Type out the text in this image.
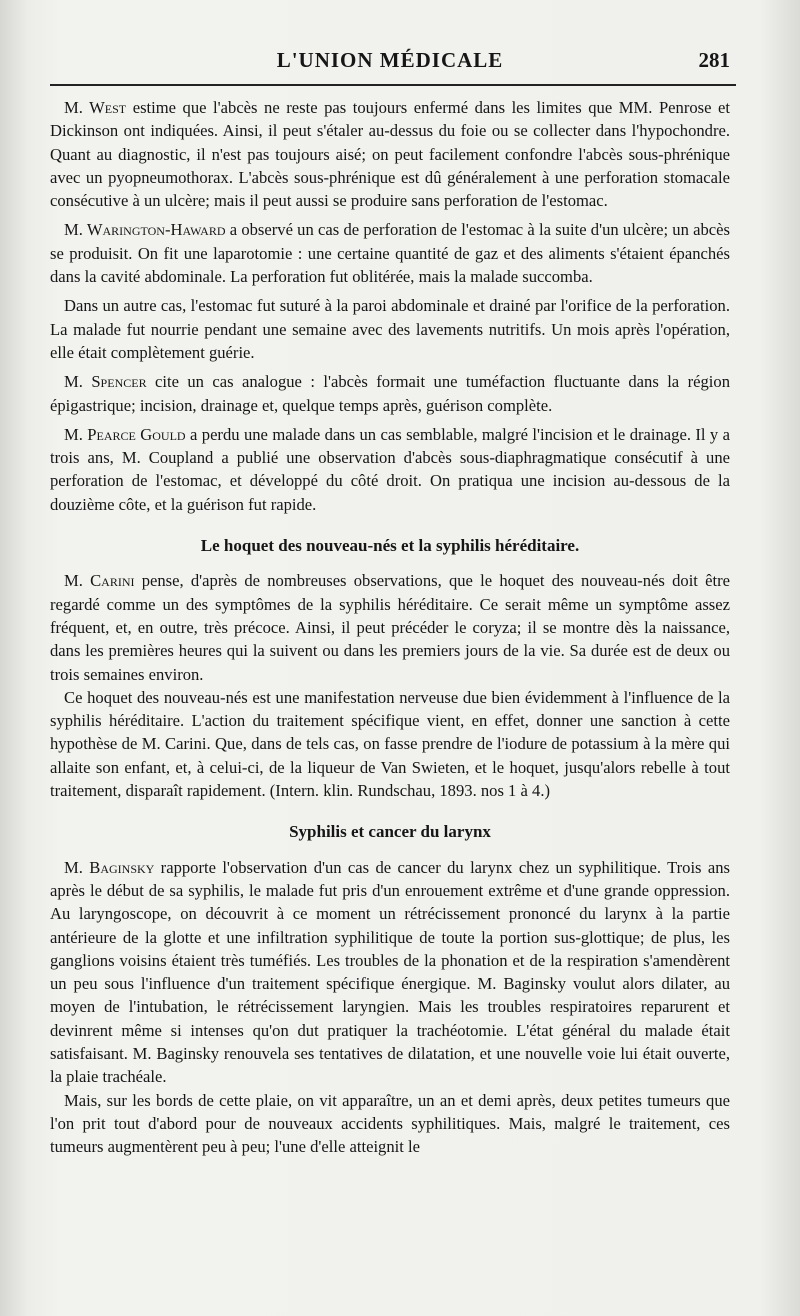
L'UNION MÉDICALE	281

M. West estime que l'abcès ne reste pas toujours enfermé dans les limites que MM. Penrose et Dickinson ont indiquées. Ainsi, il peut s'étaler au-dessus du foie ou se collecter dans l'hypochondre. Quant au diagnostic, il n'est pas toujours aisé; on peut facilement confondre l'abcès sous-phrénique avec un pyopneumothorax. L'abcès sous-phrénique est dû généralement à une perforation stomacale consécutive à un ulcère; mais il peut aussi se produire sans perforation de l'estomac.

M. Warington-Haward a observé un cas de perforation de l'estomac à la suite d'un ulcère; un abcès se produisit. On fit une laparotomie : une certaine quantité de gaz et des aliments s'étaient épanchés dans la cavité abdominale. La perforation fut oblitérée, mais la malade succomba.

Dans un autre cas, l'estomac fut suturé à la paroi abdominale et drainé par l'orifice de la perforation. La malade fut nourrie pendant une semaine avec des lavements nutritifs. Un mois après l'opération, elle était complètement guérie.

M. Spencer cite un cas analogue : l'abcès formait une tuméfaction fluctuante dans la région épigastrique; incision, drainage et, quelque temps après, guérison complète.

M. Pearce Gould a perdu une malade dans un cas semblable, malgré l'incision et le drainage. Il y a trois ans, M. Coupland a publié une observation d'abcès sous-diaphragmatique consécutif à une perforation de l'estomac, et développé du côté droit. On pratiqua une incision au-dessous de la douzième côte, et la guérison fut rapide.

Le hoquet des nouveau-nés et la syphilis héréditaire.

M. Carini pense, d'après de nombreuses observations, que le hoquet des nouveau-nés doit être regardé comme un des symptômes de la syphilis héréditaire. Ce serait même un symptôme assez fréquent, et, en outre, très précoce. Ainsi, il peut précéder le coryza; il se montre dès la naissance, dans les premières heures qui la suivent ou dans les premiers jours de la vie. Sa durée est de deux ou trois semaines environ.

Ce hoquet des nouveau-nés est une manifestation nerveuse due bien évidemment à l'influence de la syphilis héréditaire. L'action du traitement spécifique vient, en effet, donner une sanction à cette hypothèse de M. Carini. Que, dans de tels cas, on fasse prendre de l'iodure de potassium à la mère qui allaite son enfant, et, à celui-ci, de la liqueur de Van Swieten, et le hoquet, jusqu'alors rebelle à tout traitement, disparaît rapidement. (Intern. klin. Rundschau, 1893. nos 1 à 4.)

Syphilis et cancer du larynx

M. Baginsky rapporte l'observation d'un cas de cancer du larynx chez un syphilitique. Trois ans après le début de sa syphilis, le malade fut pris d'un enrouement extrême et d'une grande oppression. Au laryngoscope, on découvrit à ce moment un rétrécissement prononcé du larynx à la partie antérieure de la glotte et une infiltration syphilitique de toute la portion sus-glottique; de plus, les ganglions voisins étaient très tuméfiés. Les troubles de la phonation et de la respiration s'amendèrent un peu sous l'influence d'un traitement spécifique énergique. M. Baginsky voulut alors dilater, au moyen de l'intubation, le rétrécissement laryngien. Mais les troubles respiratoires reparurent et devinrent même si intenses qu'on dut pratiquer la trachéotomie. L'état général du malade était satisfaisant. M. Baginsky renouvela ses tentatives de dilatation, et une nouvelle voie lui était ouverte, la plaie trachéale.

Mais, sur les bords de cette plaie, on vit apparaître, un an et demi après, deux petites tumeurs que l'on prit tout d'abord pour de nouveaux accidents syphilitiques. Mais, malgré le traitement, ces tumeurs augmentèrent peu à peu; l'une d'elle atteignit le
